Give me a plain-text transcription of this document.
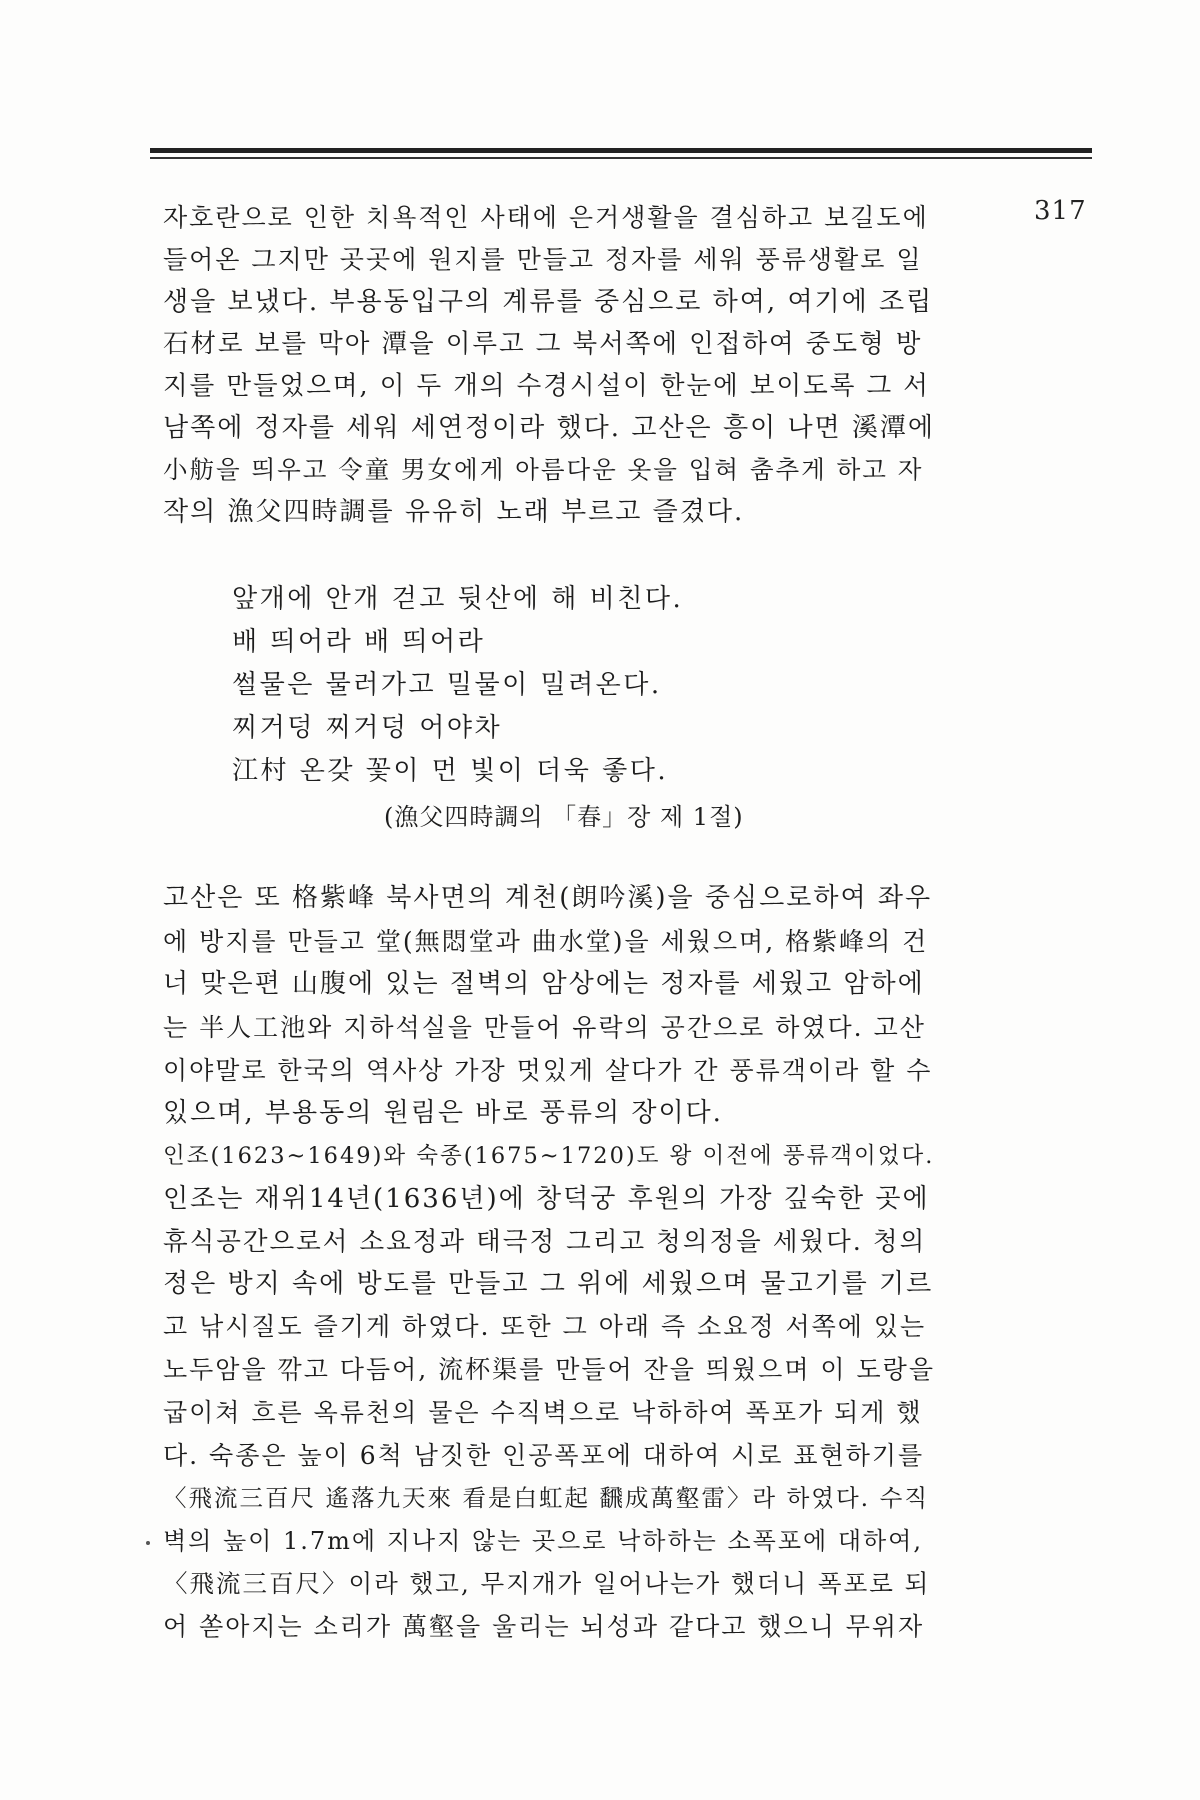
317
자호란으로 인한 치욕적인 사태에 은거생활을 결심하고 보길도에
들어온 그지만 곳곳에 원지를 만들고 정자를 세워 풍류생활로 일
생을 보냈다. 부용동입구의 계류를 중심으로 하여, 여기에 조립
石材로 보를 막아 潭을 이루고 그 북서쪽에 인접하여 중도형 방
지를 만들었으며, 이 두 개의 수경시설이 한눈에 보이도록 그 서
남쪽에 정자를 세워 세연정이라 했다. 고산은 흥이 나면 溪潭에
小舫을 띄우고 令童 男女에게 아름다운 옷을 입혀 춤추게 하고 자
작의 漁父四時調를 유유히 노래 부르고 즐겼다.
앞개에 안개 걷고 뒷산에 해 비친다.
배 띄어라 배 띄어라
썰물은 물러가고 밀물이 밀려온다.
찌거덩 찌거덩 어야차
江村 온갖 꽃이 먼 빛이 더욱 좋다.
(漁父四時調의 「春」장 제 1절)
고산은 또 格紫峰 북사면의 계천(朗吟溪)을 중심으로하여 좌우
에 방지를 만들고 堂(無悶堂과 曲水堂)을 세웠으며, 格紫峰의 건
너 맞은편 山腹에 있는 절벽의 암상에는 정자를 세웠고 암하에
는 半人工池와 지하석실을 만들어 유락의 공간으로 하였다. 고산
이야말로 한국의 역사상 가장 멋있게 살다가 간 풍류객이라 할 수
있으며, 부용동의 원림은 바로 풍류의 장이다.
인조(1623~1649)와 숙종(1675~1720)도 왕 이전에 풍류객이었다.
인조는 재위14년(1636년)에 창덕궁 후원의 가장 깊숙한 곳에
휴식공간으로서 소요정과 태극정 그리고 청의정을 세웠다. 청의
정은 방지 속에 방도를 만들고 그 위에 세웠으며 물고기를 기르
고 낚시질도 즐기게 하였다. 또한 그 아래 즉 소요정 서쪽에 있는
노두암을 깎고 다듬어, 流杯渠를 만들어 잔을 띄웠으며 이 도랑을
굽이쳐 흐른 옥류천의 물은 수직벽으로 낙하하여 폭포가 되게 했
다. 숙종은 높이 6척 남짓한 인공폭포에 대하여 시로 표현하기를
〈飛流三百尺 遙落九天來 看是白虹起 飜成萬壑雷〉라 하였다. 수직
벽의 높이 1.7m에 지나지 않는 곳으로 낙하하는 소폭포에 대하여,
〈飛流三百尺〉이라 했고, 무지개가 일어나는가 했더니 폭포로 되
어 쏟아지는 소리가 萬壑을 울리는 뇌성과 같다고 했으니 무위자
